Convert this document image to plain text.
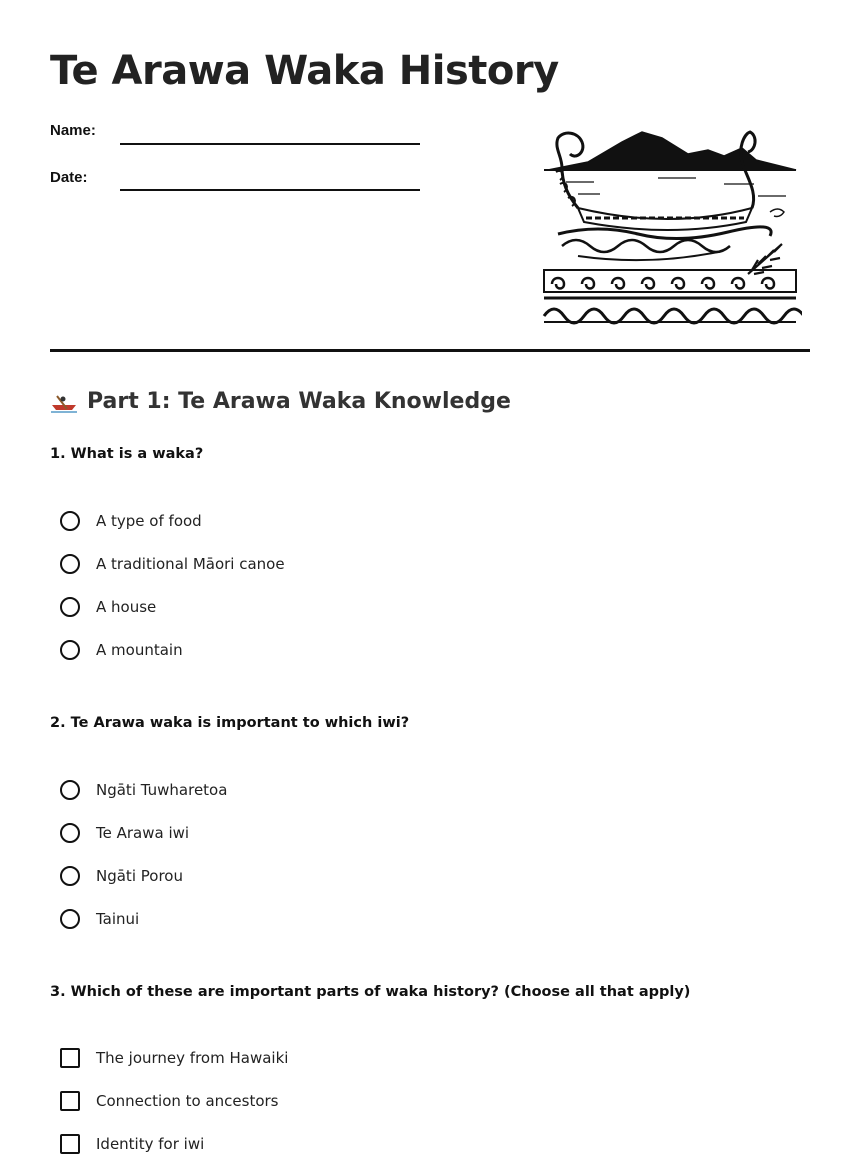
Te Arawa Waka History
Name:
Date:
Part 1: Te Arawa Waka Knowledge

1. What is a waka?

A type of food
A traditional Māori canoe
A house
A mountain

2. Te Arawa waka is important to which iwi?

Ngāti Tuwharetoa
Te Arawa iwi
Ngāti Porou
Tainui

3. Which of these are important parts of waka history? (Choose all that apply)

The journey from Hawaiki
Connection to ancestors
Identity for iwi
